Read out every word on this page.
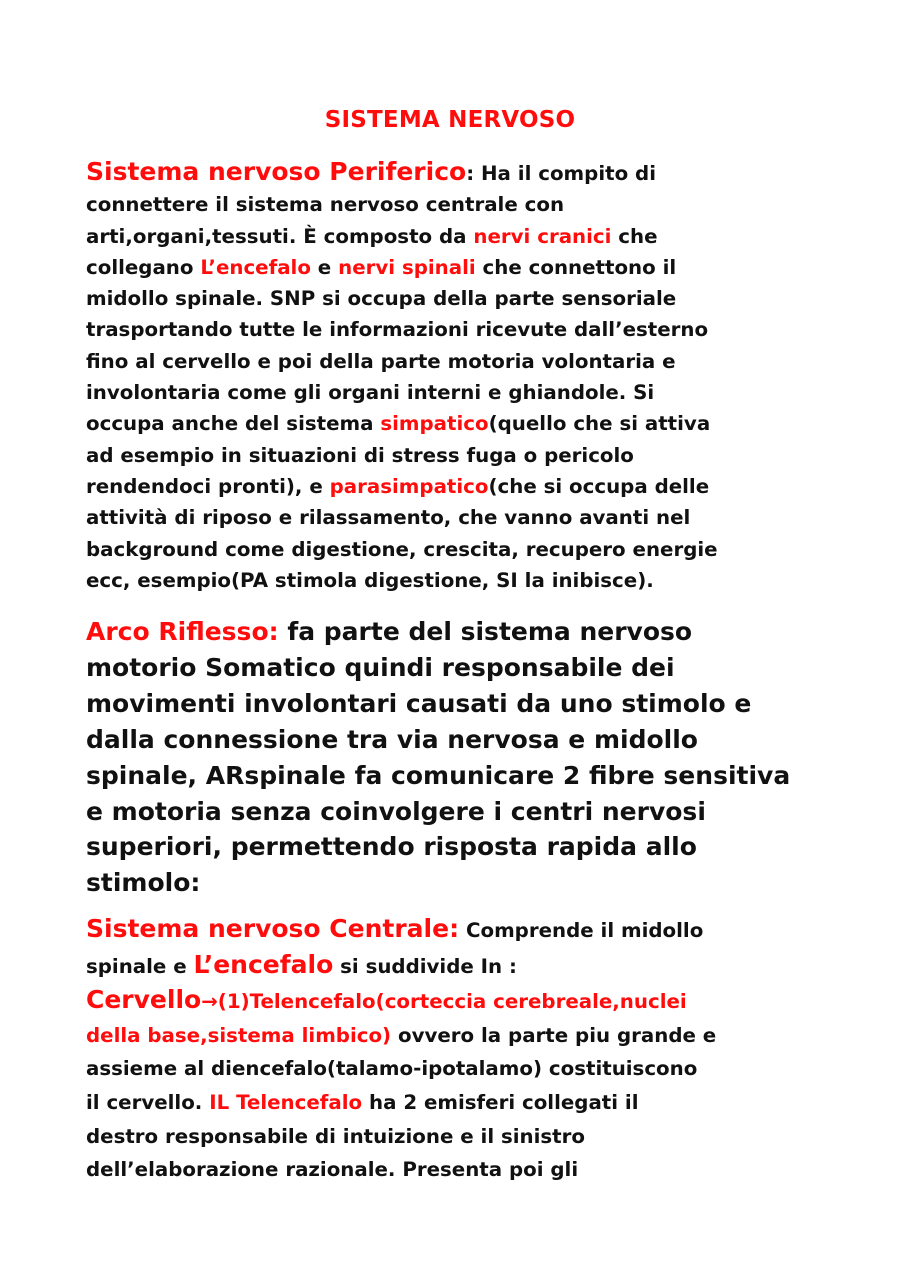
SISTEMA NERVOSO

Sistema nervoso Periferico: Ha il compito di
connettere il sistema nervoso centrale con
arti,organi,tessuti. È composto da nervi cranici che
collegano L’encefalo e nervi spinali che connettono il
midollo spinale. SNP si occupa della parte sensoriale
trasportando tutte le informazioni ricevute dall’esterno
fino al cervello e poi della parte motoria volontaria e
involontaria come gli organi interni e ghiandole. Si
occupa anche del sistema simpatico(quello che si attiva
ad esempio in situazioni di stress fuga o pericolo
rendendoci pronti), e parasimpatico(che si occupa delle
attività di riposo e rilassamento, che vanno avanti nel
background come digestione, crescita, recupero energie
ecc, esempio(PA stimola digestione, SI la inibisce).

Arco Riflesso: fa parte del sistema nervoso
motorio Somatico quindi responsabile dei
movimenti involontari causati da uno stimolo e
dalla connessione tra via nervosa e midollo
spinale, ARspinale fa comunicare 2 fibre sensitiva
e motoria senza coinvolgere i centri nervosi
superiori, permettendo risposta rapida allo
stimolo:

Sistema nervoso Centrale: Comprende il midollo
spinale e L’encefalo si suddivide In :
Cervello→(1)Telencefalo(corteccia cerebreale,nuclei
della base,sistema limbico) ovvero la parte piu grande e
assieme al diencefalo(talamo-ipotalamo) costituiscono
il cervello. IL Telencefalo ha 2 emisferi collegati il
destro responsabile di intuizione e il sinistro
dell’elaborazione razionale. Presenta poi gli
